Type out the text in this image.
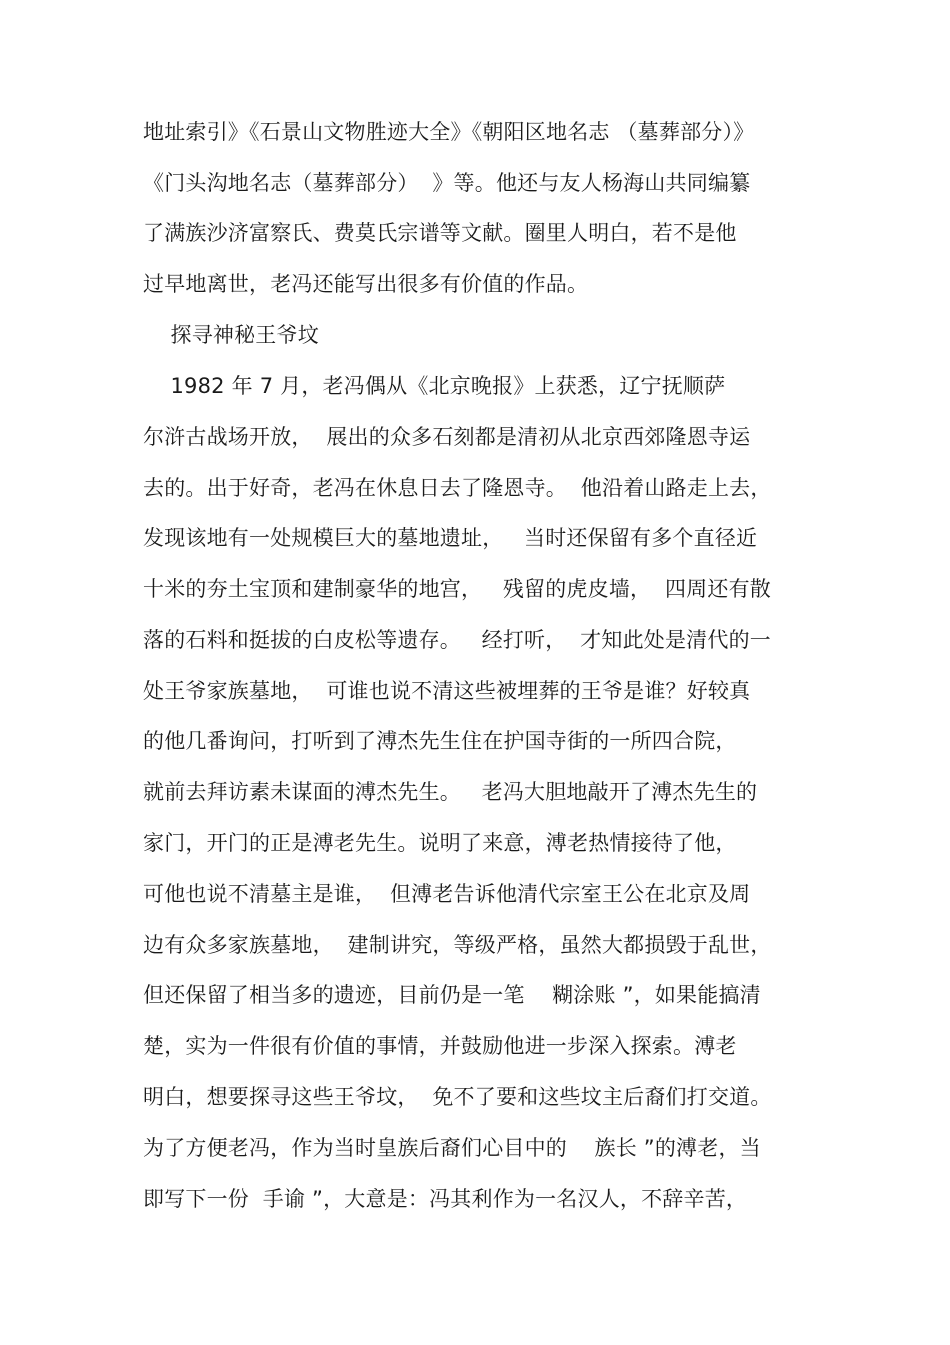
地址索引》《石景山文物胜迹大全》《朝阳区地名志 （墓葬部分）》
《门头沟地名志（墓葬部分）  》等。他还与友人杨海山共同编纂
了满族沙济富察氏、费莫氏宗谱等文献。圈里人明白，若不是他
过早地离世，老冯还能写出很多有价值的作品。
探寻神秘王爷坟
1982 年 7 月，老冯偶从《北京晚报》上获悉，辽宁抚顺萨
尔浒古战场开放，  展出的众多石刻都是清初从北京西郊隆恩寺运
去的。出于好奇，老冯在休息日去了隆恩寺。  他沿着山路走上去，
发现该地有一处规模巨大的墓地遗址，   当时还保留有多个直径近
十米的夯土宝顶和建制豪华的地宫，   残留的虎皮墙，  四周还有散
落的石料和挺拔的白皮松等遗存。   经打听，  才知此处是清代的一
处王爷家族墓地，  可谁也说不清这些被埋葬的王爷是谁？好较真
的他几番询问，打听到了溥杰先生住在护国寺街的一所四合院，
就前去拜访素未谋面的溥杰先生。   老冯大胆地敲开了溥杰先生的
家门，开门的正是溥老先生。说明了来意，溥老热情接待了他，
可他也说不清墓主是谁，  但溥老告诉他清代宗室王公在北京及周
边有众多家族墓地，  建制讲究，等级严格，虽然大都损毁于乱世，
但还保留了相当多的遗迹，目前仍是一笔    糊涂账 ”，如果能搞清
楚，实为一件很有价值的事情，并鼓励他进一步深入探索。溥老
明白，想要探寻这些王爷坟，  免不了要和这些坟主后裔们打交道。
为了方便老冯，作为当时皇族后裔们心目中的    族长 ”的溥老，当
即写下一份  手谕 ”，大意是：冯其利作为一名汉人，不辞辛苦，
